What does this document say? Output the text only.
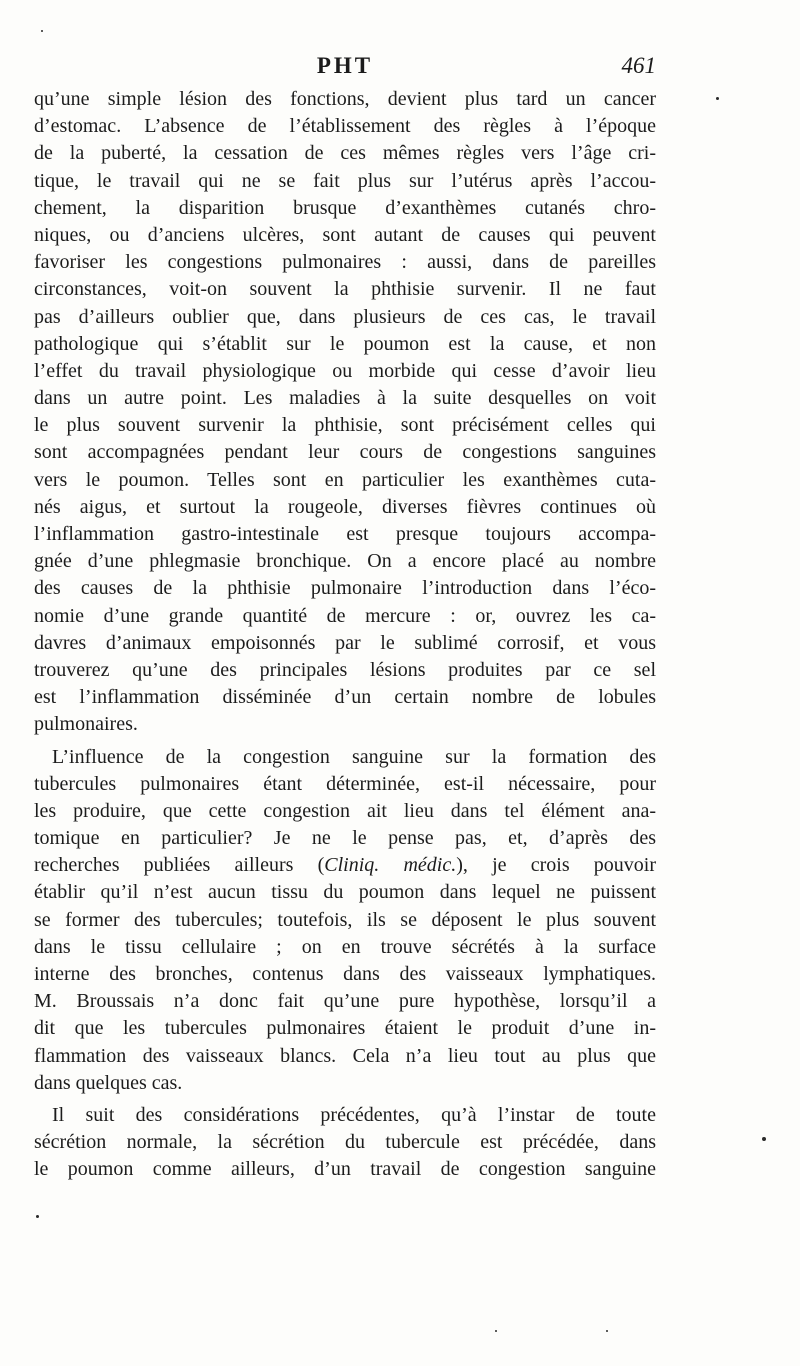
PHT	461
qu’une simple lésion des fonctions, devient plus tard un cancer
d’estomac. L’absence de l’établissement des règles à l’époque
de la puberté, la cessation de ces mêmes règles vers l’âge cri-
tique, le travail qui ne se fait plus sur l’utérus après l’accou-
chement, la disparition brusque d’exanthèmes cutanés chro-
niques, ou d’anciens ulcères, sont autant de causes qui peuvent
favoriser les congestions pulmonaires : aussi, dans de pareilles
circonstances, voit-on souvent la phthisie survenir. Il ne faut
pas d’ailleurs oublier que, dans plusieurs de ces cas, le travail
pathologique qui s’établit sur le poumon est la cause, et non
l’effet du travail physiologique ou morbide qui cesse d’avoir lieu
dans un autre point. Les maladies à la suite desquelles on voit
le plus souvent survenir la phthisie, sont précisément celles qui
sont accompagnées pendant leur cours de congestions sanguines
vers le poumon. Telles sont en particulier les exanthèmes cuta-
nés aigus, et surtout la rougeole, diverses fièvres continues où
l’inflammation gastro-intestinale est presque toujours accompa-
gnée d’une phlegmasie bronchique. On a encore placé au nombre
des causes de la phthisie pulmonaire l’introduction dans l’éco-
nomie d’une grande quantité de mercure : or, ouvrez les ca-
davres d’animaux empoisonnés par le sublimé corrosif, et vous
trouverez qu’une des principales lésions produites par ce sel
est l’inflammation disséminée d’un certain nombre de lobules
pulmonaires.
L’influence de la congestion sanguine sur la formation des
tubercules pulmonaires étant déterminée, est-il nécessaire, pour
les produire, que cette congestion ait lieu dans tel élément ana-
tomique en particulier? Je ne le pense pas, et, d’après des
recherches publiées ailleurs (Cliniq. médic.), je crois pouvoir
établir qu’il n’est aucun tissu du poumon dans lequel ne puissent
se former des tubercules; toutefois, ils se déposent le plus souvent
dans le tissu cellulaire ; on en trouve sécrétés à la surface
interne des bronches, contenus dans des vaisseaux lymphatiques.
M. Broussais n’a donc fait qu’une pure hypothèse, lorsqu’il a
dit que les tubercules pulmonaires étaient le produit d’une in-
flammation des vaisseaux blancs. Cela n’a lieu tout au plus que
dans quelques cas.
Il suit des considérations précédentes, qu’à l’instar de toute
sécrétion normale, la sécrétion du tubercule est précédée, dans
le poumon comme ailleurs, d’un travail de congestion sanguine
